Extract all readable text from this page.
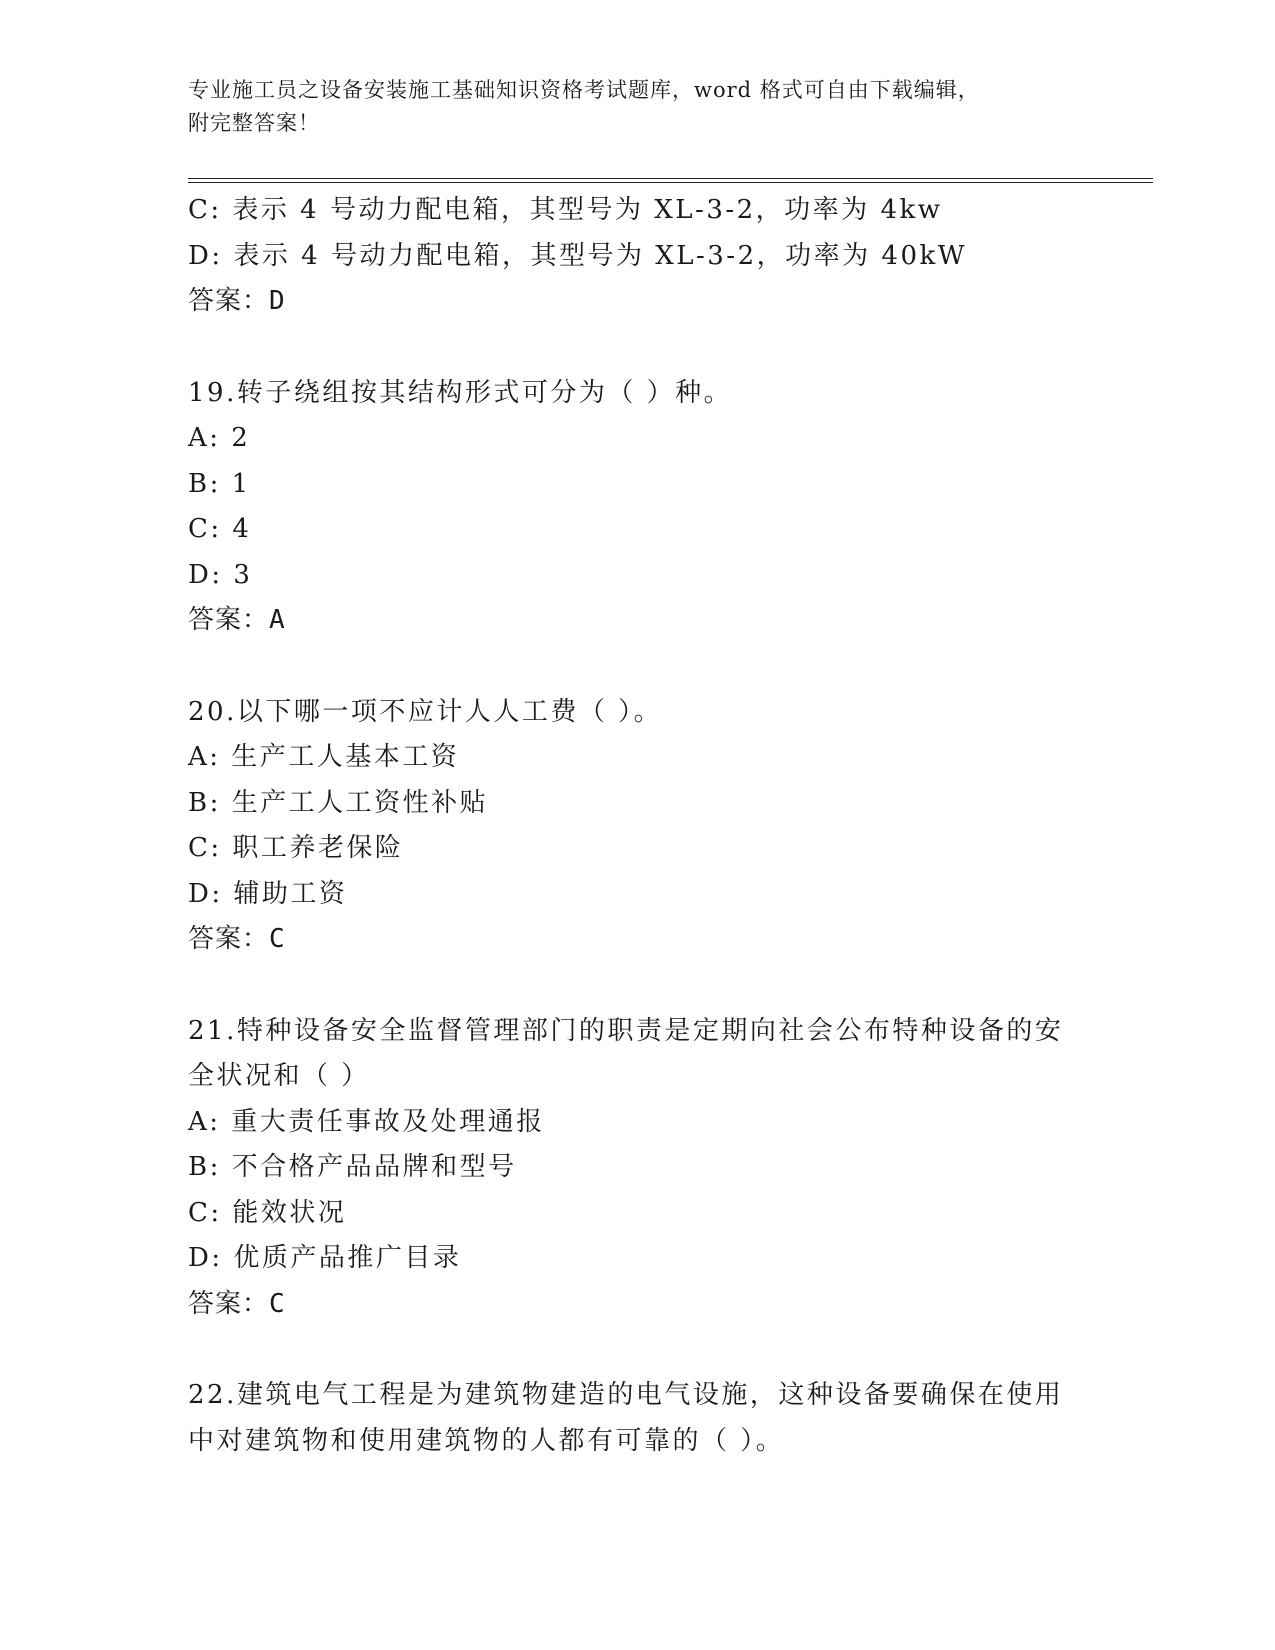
专业施工员之设备安装施工基础知识资格考试题库，word 格式可自由下载编辑，
附完整答案！
C: 表示 4 号动力配电箱，其型号为 XL-3-2，功率为 4kw
D: 表示 4 号动力配电箱，其型号为 XL-3-2，功率为 40kW
答案：D
19.转子绕组按其结构形式可分为（ ）种。
A: 2
B: 1
C: 4
D: 3
答案：A
20.以下哪一项不应计人人工费（ ）。
A: 生产工人基本工资
B: 生产工人工资性补贴
C: 职工养老保险
D: 辅助工资
答案：C
21.特种设备安全监督管理部门的职责是定期向社会公布特种设备的安
全状况和（ ）
A: 重大责任事故及处理通报
B: 不合格产品品牌和型号
C: 能效状况
D: 优质产品推广目录
答案：C
22.建筑电气工程是为建筑物建造的电气设施，这种设备要确保在使用
中对建筑物和使用建筑物的人都有可靠的（ ）。
